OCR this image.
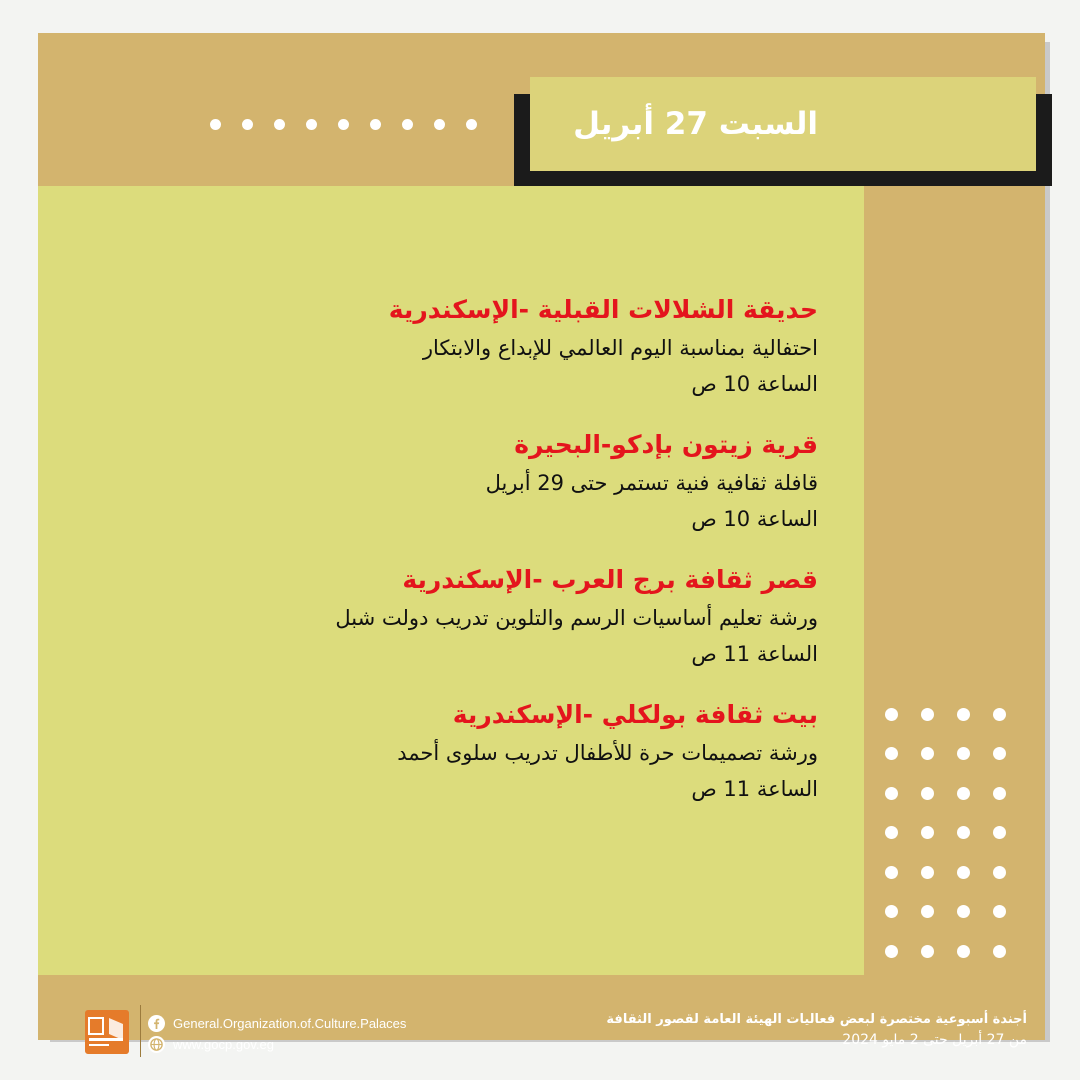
السبت 27 أبريل
حديقة الشلالات القبلية -الإسكندرية
احتفالية بمناسبة اليوم العالمي للإبداع والابتكار
الساعة 10 ص
قرية زيتون بإدكو-البحيرة
قافلة ثقافية فنية تستمر حتى 29 أبريل
الساعة 10 ص
قصر ثقافة برج العرب -الإسكندرية
ورشة تعليم أساسيات الرسم والتلوين تدريب دولت شبل
الساعة 11 ص
بيت ثقافة بولكلي -الإسكندرية
ورشة تصميمات حرة للأطفال تدريب سلوى أحمد
الساعة 11 ص
General.Organization.of.Culture.Palaces
www.gocp.gov.eg
أجندة أسبوعية مختصرة لبعض فعاليات الهيئة العامة لقصور الثقافة
من 27 أبريل حتى 2 مايو 2024
